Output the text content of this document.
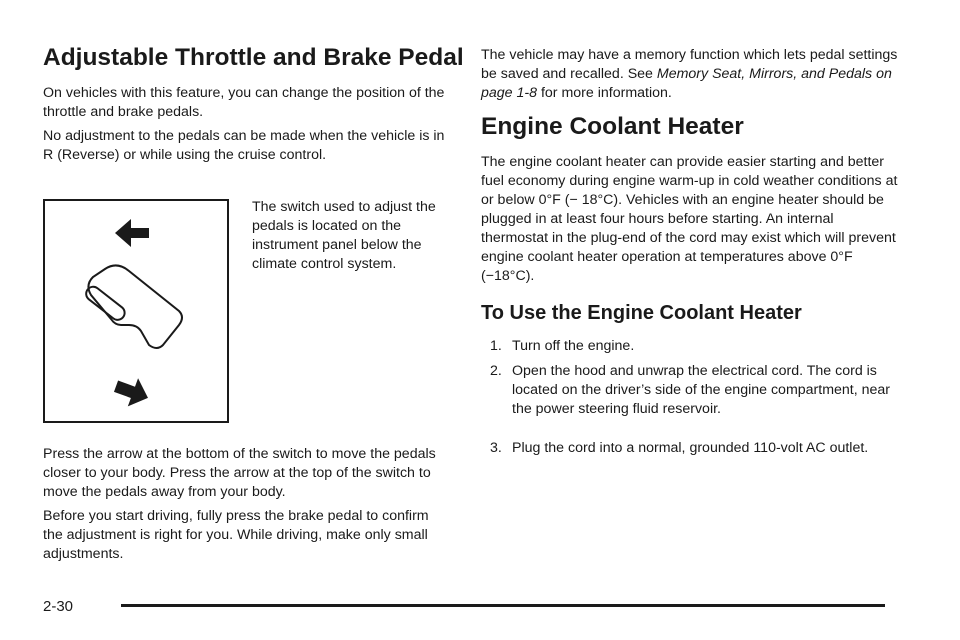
Adjustable Throttle and Brake Pedal

On vehicles with this feature, you can change the position of the throttle and brake pedals.

No adjustment to the pedals can be made when the vehicle is in R (Reverse) or while using the cruise control.

The switch used to adjust the pedals is located on the instrument panel below the climate control system.

Press the arrow at the bottom of the switch to move the pedals closer to your body. Press the arrow at the top of the switch to move the pedals away from your body.

Before you start driving, fully press the brake pedal to confirm the adjustment is right for you. While driving, make only small adjustments.

The vehicle may have a memory function which lets pedal settings be saved and recalled. See Memory Seat, Mirrors, and Pedals on page 1-8 for more information.

Engine Coolant Heater

The engine coolant heater can provide easier starting and better fuel economy during engine warm-up in cold weather conditions at or below 0°F (− 18°C). Vehicles with an engine heater should be plugged in at least four hours before starting. An internal thermostat in the plug-end of the cord may exist which will prevent engine coolant heater operation at temperatures above 0°F (−18°C).

To Use the Engine Coolant Heater
1. Turn off the engine.
2. Open the hood and unwrap the electrical cord. The cord is located on the driver’s side of the engine compartment, near the power steering fluid reservoir.
3. Plug the cord into a normal, grounded 110-volt AC outlet.
2-30
